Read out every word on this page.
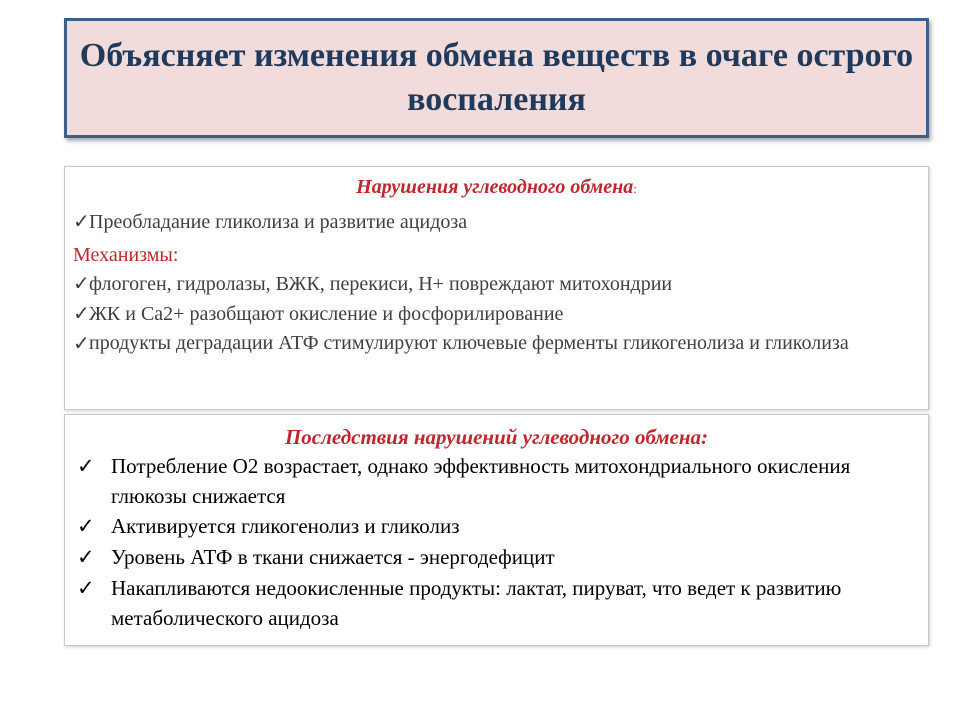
Объясняет изменения обмена веществ в очаге острого воспаления
Нарушения углеводного обмена:
✓ Преобладание гликолиза и развитие ацидоза
Механизмы:
✓ флогоген, гидролазы, ВЖК, перекиси, Н+ повреждают митохондрии
✓ ЖК и Са2+ разобщают окисление и фосфорилирование
✓ продукты деградации АТФ стимулируют ключевые ферменты гликогенолиза и гликолиза
Последствия нарушений углеводного обмена:
✓ Потребление О2 возрастает, однако эффективность митохондриального окисления глюкозы снижается
✓ Активируется гликогенолиз и гликолиз
✓ Уровень АТФ в ткани снижается - энергодефицит
✓ Накапливаются недоокисленные продукты: лактат, пируват, что ведет к развитию метаболического ацидоза
